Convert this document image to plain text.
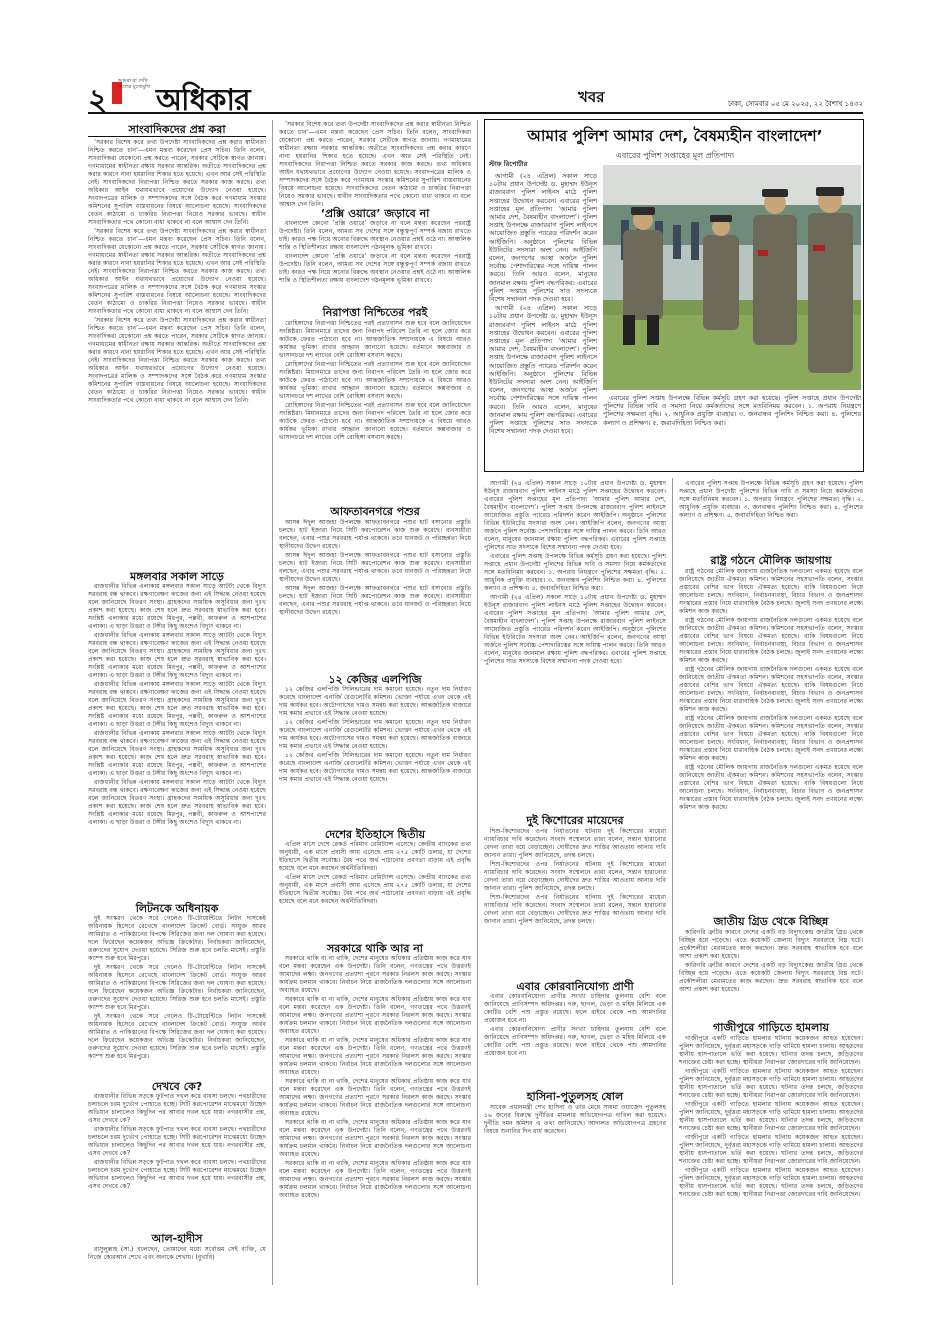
২
আমরা যা দেখি সত্যের মুখোমুখি অধিকার	খবর	ঢাকা, সোমবার ০৫ মে ২০২৫, ২২ বৈশাখ ১৪৩২
সাংবাদিকদের প্রশ্ন করা

‘সরকার বিশেষ করে তথ্য উপদেষ্টা সাংবাদিকদের প্রশ্ন করার স্বাধীনতা নিশ্চিত করতে চান’—এমন মন্তব্য করেছেন প্রেস সচিব। তিনি বলেন, সাংবাদিকরা যেকোনো প্রশ্ন করতে পারেন, সরকার সেটিকে স্বাগত জানায়। গণমাধ্যমের স্বাধীনতা রক্ষায় সরকার আন্তরিক। অতীতে সাংবাদিকদের প্রশ্ন করার কারণে নানা হয়রানির শিকার হতে হয়েছে। এখন আর সেই পরিস্থিতি নেই। সাংবাদিকদের নিরাপত্তা নিশ্চিত করতে সরকার কাজ করছে। তথ্য অধিকার আইন যথাযথভাবে প্রয়োগের উদ্যোগ নেওয়া হয়েছে। সংবাদপত্রের মালিক ও সম্পাদকদের সঙ্গে বৈঠক করে গণমাধ্যম সংস্কার কমিশনের সুপারিশ বাস্তবায়নের বিষয়ে আলোচনা হয়েছে। সাংবাদিকদের বেতন কাঠামো ও চাকরির নিরাপত্তা নিয়েও সরকার ভাবছে। স্বাধীন সাংবাদিকতার পথে কোনো বাধা থাকবে না বলে আশ্বাস দেন তিনি।

‘সরকার বিশেষ করে তথ্য উপদেষ্টা সাংবাদিকদের প্রশ্ন করার স্বাধীনতা নিশ্চিত করতে চান’—এমন মন্তব্য করেছেন প্রেস সচিব। তিনি বলেন, সাংবাদিকরা যেকোনো প্রশ্ন করতে পারেন, সরকার সেটিকে স্বাগত জানায়। গণমাধ্যমের স্বাধীনতা রক্ষায় সরকার আন্তরিক। অতীতে সাংবাদিকদের প্রশ্ন করার কারণে নানা হয়রানির শিকার হতে হয়েছে। এখন আর সেই পরিস্থিতি নেই। সাংবাদিকদের নিরাপত্তা নিশ্চিত করতে সরকার কাজ করছে। তথ্য অধিকার আইন যথাযথভাবে প্রয়োগের উদ্যোগ নেওয়া হয়েছে। সংবাদপত্রের মালিক ও সম্পাদকদের সঙ্গে বৈঠক করে গণমাধ্যম সংস্কার কমিশনের সুপারিশ বাস্তবায়নের বিষয়ে আলোচনা হয়েছে। সাংবাদিকদের বেতন কাঠামো ও চাকরির নিরাপত্তা নিয়েও সরকার ভাবছে। স্বাধীন সাংবাদিকতার পথে কোনো বাধা থাকবে না বলে আশ্বাস দেন তিনি।

‘সরকার বিশেষ করে তথ্য উপদেষ্টা সাংবাদিকদের প্রশ্ন করার স্বাধীনতা নিশ্চিত করতে চান’—এমন মন্তব্য করেছেন প্রেস সচিব। তিনি বলেন, সাংবাদিকরা যেকোনো প্রশ্ন করতে পারেন, সরকার সেটিকে স্বাগত জানায়। গণমাধ্যমের স্বাধীনতা রক্ষায় সরকার আন্তরিক। অতীতে সাংবাদিকদের প্রশ্ন করার কারণে নানা হয়রানির শিকার হতে হয়েছে। এখন আর সেই পরিস্থিতি নেই। সাংবাদিকদের নিরাপত্তা নিশ্চিত করতে সরকার কাজ করছে। তথ্য অধিকার আইন যথাযথভাবে প্রয়োগের উদ্যোগ নেওয়া হয়েছে। সংবাদপত্রের মালিক ও সম্পাদকদের সঙ্গে বৈঠক করে গণমাধ্যম সংস্কার কমিশনের সুপারিশ বাস্তবায়নের বিষয়ে আলোচনা হয়েছে। সাংবাদিকদের বেতন কাঠামো ও চাকরির নিরাপত্তা নিয়েও সরকার ভাবছে। স্বাধীন সাংবাদিকতার পথে কোনো বাধা থাকবে না বলে আশ্বাস দেন তিনি।

মঙ্গলবার সকাল সাড়ে

রাজধানীর বিভিন্ন এলাকায় মঙ্গলবার সকাল সাড়ে আটটা থেকে বিদ্যুৎ সরবরাহ বন্ধ থাকবে। রক্ষণাবেক্ষণ কাজের জন্য এই সিদ্ধান্ত নেওয়া হয়েছে বলে জানিয়েছে বিতরণ সংস্থা। গ্রাহকদের সাময়িক অসুবিধার জন্য দুঃখ প্রকাশ করা হয়েছে। কাজ শেষ হলে দ্রুত সরবরাহ স্বাভাবিক করা হবে। সংশ্লিষ্ট এলাকার মধ্যে রয়েছে মিরপুর, পল্লবী, কাফরুল ও আশপাশের এলাকা। এ ছাড়া উত্তরা ও টঙ্গীর কিছু অংশেও বিদ্যুৎ থাকবে না।

রাজধানীর বিভিন্ন এলাকায় মঙ্গলবার সকাল সাড়ে আটটা থেকে বিদ্যুৎ সরবরাহ বন্ধ থাকবে। রক্ষণাবেক্ষণ কাজের জন্য এই সিদ্ধান্ত নেওয়া হয়েছে বলে জানিয়েছে বিতরণ সংস্থা। গ্রাহকদের সাময়িক অসুবিধার জন্য দুঃখ প্রকাশ করা হয়েছে। কাজ শেষ হলে দ্রুত সরবরাহ স্বাভাবিক করা হবে। সংশ্লিষ্ট এলাকার মধ্যে রয়েছে মিরপুর, পল্লবী, কাফরুল ও আশপাশের এলাকা। এ ছাড়া উত্তরা ও টঙ্গীর কিছু অংশেও বিদ্যুৎ থাকবে না।

রাজধানীর বিভিন্ন এলাকায় মঙ্গলবার সকাল সাড়ে আটটা থেকে বিদ্যুৎ সরবরাহ বন্ধ থাকবে। রক্ষণাবেক্ষণ কাজের জন্য এই সিদ্ধান্ত নেওয়া হয়েছে বলে জানিয়েছে বিতরণ সংস্থা। গ্রাহকদের সাময়িক অসুবিধার জন্য দুঃখ প্রকাশ করা হয়েছে। কাজ শেষ হলে দ্রুত সরবরাহ স্বাভাবিক করা হবে। সংশ্লিষ্ট এলাকার মধ্যে রয়েছে মিরপুর, পল্লবী, কাফরুল ও আশপাশের এলাকা। এ ছাড়া উত্তরা ও টঙ্গীর কিছু অংশেও বিদ্যুৎ থাকবে না।

রাজধানীর বিভিন্ন এলাকায় মঙ্গলবার সকাল সাড়ে আটটা থেকে বিদ্যুৎ সরবরাহ বন্ধ থাকবে। রক্ষণাবেক্ষণ কাজের জন্য এই সিদ্ধান্ত নেওয়া হয়েছে বলে জানিয়েছে বিতরণ সংস্থা। গ্রাহকদের সাময়িক অসুবিধার জন্য দুঃখ প্রকাশ করা হয়েছে। কাজ শেষ হলে দ্রুত সরবরাহ স্বাভাবিক করা হবে। সংশ্লিষ্ট এলাকার মধ্যে রয়েছে মিরপুর, পল্লবী, কাফরুল ও আশপাশের এলাকা। এ ছাড়া উত্তরা ও টঙ্গীর কিছু অংশেও বিদ্যুৎ থাকবে না।

রাজধানীর বিভিন্ন এলাকায় মঙ্গলবার সকাল সাড়ে আটটা থেকে বিদ্যুৎ সরবরাহ বন্ধ থাকবে। রক্ষণাবেক্ষণ কাজের জন্য এই সিদ্ধান্ত নেওয়া হয়েছে বলে জানিয়েছে বিতরণ সংস্থা। গ্রাহকদের সাময়িক অসুবিধার জন্য দুঃখ প্রকাশ করা হয়েছে। কাজ শেষ হলে দ্রুত সরবরাহ স্বাভাবিক করা হবে। সংশ্লিষ্ট এলাকার মধ্যে রয়েছে মিরপুর, পল্লবী, কাফরুল ও আশপাশের এলাকা। এ ছাড়া উত্তরা ও টঙ্গীর কিছু অংশেও বিদ্যুৎ থাকবে না।

লিটনকে অধিনায়ক

দুই সংস্করণ থেকে সরে গেলেও টি-টোয়েন্টিতে লিটন দাসকেই অধিনায়ক হিসেবে রেখেছে বাংলাদেশ ক্রিকেট বোর্ড। সংযুক্ত আরব আমিরাত ও পাকিস্তানের বিপক্ষে সিরিজের জন্য দল ঘোষণা করা হয়েছে। দলে ফিরেছেন কয়েকজন অভিজ্ঞ ক্রিকেটার। নির্বাচকরা জানিয়েছেন, তরুণদের সুযোগ দেওয়া হয়েছে। সিরিজ শুরু হবে চলতি মাসেই। প্রস্তুতি ক্যাম্প শুরু হবে মিরপুরে।

দুই সংস্করণ থেকে সরে গেলেও টি-টোয়েন্টিতে লিটন দাসকেই অধিনায়ক হিসেবে রেখেছে বাংলাদেশ ক্রিকেট বোর্ড। সংযুক্ত আরব আমিরাত ও পাকিস্তানের বিপক্ষে সিরিজের জন্য দল ঘোষণা করা হয়েছে। দলে ফিরেছেন কয়েকজন অভিজ্ঞ ক্রিকেটার। নির্বাচকরা জানিয়েছেন, তরুণদের সুযোগ দেওয়া হয়েছে। সিরিজ শুরু হবে চলতি মাসেই। প্রস্তুতি ক্যাম্প শুরু হবে মিরপুরে।

দুই সংস্করণ থেকে সরে গেলেও টি-টোয়েন্টিতে লিটন দাসকেই অধিনায়ক হিসেবে রেখেছে বাংলাদেশ ক্রিকেট বোর্ড। সংযুক্ত আরব আমিরাত ও পাকিস্তানের বিপক্ষে সিরিজের জন্য দল ঘোষণা করা হয়েছে। দলে ফিরেছেন কয়েকজন অভিজ্ঞ ক্রিকেটার। নির্বাচকরা জানিয়েছেন, তরুণদের সুযোগ দেওয়া হয়েছে। সিরিজ শুরু হবে চলতি মাসেই। প্রস্তুতি ক্যাম্প শুরু হবে মিরপুরে।

দেখবে কে?

রাজধানীর বিভিন্ন সড়কে ফুটপাত দখল করে ব্যবসা চলছে। পথচারীদের চলাচলে চরম দুর্ভোগ পোহাতে হচ্ছে। সিটি করপোরেশন মাঝেমধ্যে উচ্ছেদ অভিযান চালালেও কিছুদিন পর আবার দখল হয়ে যায়। নগরবাসীর প্রশ্ন, এসব দেখবে কে?

রাজধানীর বিভিন্ন সড়কে ফুটপাত দখল করে ব্যবসা চলছে। পথচারীদের চলাচলে চরম দুর্ভোগ পোহাতে হচ্ছে। সিটি করপোরেশন মাঝেমধ্যে উচ্ছেদ অভিযান চালালেও কিছুদিন পর আবার দখল হয়ে যায়। নগরবাসীর প্রশ্ন, এসব দেখবে কে?

রাজধানীর বিভিন্ন সড়কে ফুটপাত দখল করে ব্যবসা চলছে। পথচারীদের চলাচলে চরম দুর্ভোগ পোহাতে হচ্ছে। সিটি করপোরেশন মাঝেমধ্যে উচ্ছেদ অভিযান চালালেও কিছুদিন পর আবার দখল হয়ে যায়। নগরবাসীর প্রশ্ন, এসব দেখবে কে?

আল-হাদীস

রাসুলুল্লাহ (সা.) বলেছেন, তোমাদের মধ্যে সর্বোত্তম সেই ব্যক্তি, যে নিজে কোরআন শেখে এবং অন্যকে শেখায়। (বুখারি)

‘সরকার বিশেষ করে তথ্য উপদেষ্টা সাংবাদিকদের প্রশ্ন করার স্বাধীনতা নিশ্চিত করতে চান’—এমন মন্তব্য করেছেন প্রেস সচিব। তিনি বলেন, সাংবাদিকরা যেকোনো প্রশ্ন করতে পারেন, সরকার সেটিকে স্বাগত জানায়। গণমাধ্যমের স্বাধীনতা রক্ষায় সরকার আন্তরিক। অতীতে সাংবাদিকদের প্রশ্ন করার কারণে নানা হয়রানির শিকার হতে হয়েছে। এখন আর সেই পরিস্থিতি নেই। সাংবাদিকদের নিরাপত্তা নিশ্চিত করতে সরকার কাজ করছে। তথ্য অধিকার আইন যথাযথভাবে প্রয়োগের উদ্যোগ নেওয়া হয়েছে। সংবাদপত্রের মালিক ও সম্পাদকদের সঙ্গে বৈঠক করে গণমাধ্যম সংস্কার কমিশনের সুপারিশ বাস্তবায়নের বিষয়ে আলোচনা হয়েছে। সাংবাদিকদের বেতন কাঠামো ও চাকরির নিরাপত্তা নিয়েও সরকার ভাবছে। স্বাধীন সাংবাদিকতার পথে কোনো বাধা থাকবে না বলে আশ্বাস দেন তিনি।

‘প্রক্সি ওয়ারে’ জড়াবে না

বাংলাদেশ কোনো ‘প্রক্সি ওয়ারে’ জড়াবে না বলে মন্তব্য করেছেন পররাষ্ট্র উপদেষ্টা। তিনি বলেন, আমরা সব দেশের সঙ্গে বন্ধুত্বপূর্ণ সম্পর্ক বজায় রাখতে চাই। কারও পক্ষ নিয়ে অন্যের বিরুদ্ধে অবস্থান নেওয়ার প্রশ্নই ওঠে না। আঞ্চলিক শান্তি ও স্থিতিশীলতা রক্ষায় বাংলাদেশ গঠনমূলক ভূমিকা রাখবে।

বাংলাদেশ কোনো ‘প্রক্সি ওয়ারে’ জড়াবে না বলে মন্তব্য করেছেন পররাষ্ট্র উপদেষ্টা। তিনি বলেন, আমরা সব দেশের সঙ্গে বন্ধুত্বপূর্ণ সম্পর্ক বজায় রাখতে চাই। কারও পক্ষ নিয়ে অন্যের বিরুদ্ধে অবস্থান নেওয়ার প্রশ্নই ওঠে না। আঞ্চলিক শান্তি ও স্থিতিশীলতা রক্ষায় বাংলাদেশ গঠনমূলক ভূমিকা রাখবে।

নিরাপত্তা নিশ্চিতের পরই

রোহিঙ্গাদের নিরাপত্তা নিশ্চিতের পরই প্রত্যাবাসন শুরু হবে বলে জানিয়েছেন সংশ্লিষ্টরা। মিয়ানমারে তাদের জন্য নিরাপদ পরিবেশ তৈরি না হলে জোর করে কাউকে ফেরত পাঠানো হবে না। আন্তর্জাতিক সম্প্রদায়কে এ বিষয়ে আরও কার্যকর ভূমিকা রাখার আহ্বান জানানো হয়েছে। বর্তমানে কক্সবাজার ও ভাসানচরে দশ লাখের বেশি রোহিঙ্গা বসবাস করছে।

রোহিঙ্গাদের নিরাপত্তা নিশ্চিতের পরই প্রত্যাবাসন শুরু হবে বলে জানিয়েছেন সংশ্লিষ্টরা। মিয়ানমারে তাদের জন্য নিরাপদ পরিবেশ তৈরি না হলে জোর করে কাউকে ফেরত পাঠানো হবে না। আন্তর্জাতিক সম্প্রদায়কে এ বিষয়ে আরও কার্যকর ভূমিকা রাখার আহ্বান জানানো হয়েছে। বর্তমানে কক্সবাজার ও ভাসানচরে দশ লাখের বেশি রোহিঙ্গা বসবাস করছে।

রোহিঙ্গাদের নিরাপত্তা নিশ্চিতের পরই প্রত্যাবাসন শুরু হবে বলে জানিয়েছেন সংশ্লিষ্টরা। মিয়ানমারে তাদের জন্য নিরাপদ পরিবেশ তৈরি না হলে জোর করে কাউকে ফেরত পাঠানো হবে না। আন্তর্জাতিক সম্প্রদায়কে এ বিষয়ে আরও কার্যকর ভূমিকা রাখার আহ্বান জানানো হয়েছে। বর্তমানে কক্সবাজার ও ভাসানচরে দশ লাখের বেশি রোহিঙ্গা বসবাস করছে।

আফতাবনগরে পশুর

আসন্ন ঈদুল আজহা উপলক্ষে আফতাবনগরে পশুর হাট বসানোর প্রস্তুতি চলছে। হাট ইজারা নিয়ে সিটি করপোরেশন কাজ শুরু করেছে। ব্যবসায়ীরা বলছেন, এবার পশুর সরবরাহ পর্যাপ্ত থাকবে। তবে যানজট ও পরিচ্ছন্নতা নিয়ে স্থানীয়দের উদ্বেগ রয়েছে।

আসন্ন ঈদুল আজহা উপলক্ষে আফতাবনগরে পশুর হাট বসানোর প্রস্তুতি চলছে। হাট ইজারা নিয়ে সিটি করপোরেশন কাজ শুরু করেছে। ব্যবসায়ীরা বলছেন, এবার পশুর সরবরাহ পর্যাপ্ত থাকবে। তবে যানজট ও পরিচ্ছন্নতা নিয়ে স্থানীয়দের উদ্বেগ রয়েছে।

আসন্ন ঈদুল আজহা উপলক্ষে আফতাবনগরে পশুর হাট বসানোর প্রস্তুতি চলছে। হাট ইজারা নিয়ে সিটি করপোরেশন কাজ শুরু করেছে। ব্যবসায়ীরা বলছেন, এবার পশুর সরবরাহ পর্যাপ্ত থাকবে। তবে যানজট ও পরিচ্ছন্নতা নিয়ে স্থানীয়দের উদ্বেগ রয়েছে।

১২ কেজির এলপিজি

১২ কেজির এলপিজি সিলিন্ডারের দাম কমানো হয়েছে। নতুন দাম নির্ধারণ করেছে বাংলাদেশ এনার্জি রেগুলেটরি কমিশন। ভোক্তা পর্যায়ে এখন থেকে এই দাম কার্যকর হবে। অটোগ্যাসের দামও সমন্বয় করা হয়েছে। আন্তর্জাতিক বাজারে দাম কমার প্রভাবে এই সিদ্ধান্ত নেওয়া হয়েছে।

১২ কেজির এলপিজি সিলিন্ডারের দাম কমানো হয়েছে। নতুন দাম নির্ধারণ করেছে বাংলাদেশ এনার্জি রেগুলেটরি কমিশন। ভোক্তা পর্যায়ে এখন থেকে এই দাম কার্যকর হবে। অটোগ্যাসের দামও সমন্বয় করা হয়েছে। আন্তর্জাতিক বাজারে দাম কমার প্রভাবে এই সিদ্ধান্ত নেওয়া হয়েছে।

১২ কেজির এলপিজি সিলিন্ডারের দাম কমানো হয়েছে। নতুন দাম নির্ধারণ করেছে বাংলাদেশ এনার্জি রেগুলেটরি কমিশন। ভোক্তা পর্যায়ে এখন থেকে এই দাম কার্যকর হবে। অটোগ্যাসের দামও সমন্বয় করা হয়েছে। আন্তর্জাতিক বাজারে দাম কমার প্রভাবে এই সিদ্ধান্ত নেওয়া হয়েছে।

দেশের ইতিহাসে দ্বিতীয়

এপ্রিল মাসে দেশে রেকর্ড পরিমাণ রেমিট্যান্স এসেছে। কেন্দ্রীয় ব্যাংকের তথ্য অনুযায়ী, এক মাসে প্রবাসী আয় এসেছে প্রায় ২৭৫ কোটি ডলার, যা দেশের ইতিহাসে দ্বিতীয় সর্বোচ্চ। বৈধ পথে অর্থ পাঠানোর প্রবণতা বাড়ায় এই প্রবৃদ্ধি হয়েছে বলে মনে করছেন অর্থনীতিবিদরা।

এপ্রিল মাসে দেশে রেকর্ড পরিমাণ রেমিট্যান্স এসেছে। কেন্দ্রীয় ব্যাংকের তথ্য অনুযায়ী, এক মাসে প্রবাসী আয় এসেছে প্রায় ২৭৫ কোটি ডলার, যা দেশের ইতিহাসে দ্বিতীয় সর্বোচ্চ। বৈধ পথে অর্থ পাঠানোর প্রবণতা বাড়ায় এই প্রবৃদ্ধি হয়েছে বলে মনে করছেন অর্থনীতিবিদরা।

সরকারে থাকি আর না

সরকারে থাকি বা না থাকি, দেশের মানুষের অধিকার প্রতিষ্ঠায় কাজ করে যাব বলে মন্তব্য করেছেন এক উপদেষ্টা। তিনি বলেন, গণতন্ত্রের পথে উত্তরণই আমাদের লক্ষ্য। জনগণের প্রত্যাশা পূরণে সরকার নিরলস কাজ করছে। সংস্কার কার্যক্রম চলমান থাকবে। নির্বাচন নিয়ে রাজনৈতিক দলগুলোর সঙ্গে আলোচনা অব্যাহত রয়েছে।

সরকারে থাকি বা না থাকি, দেশের মানুষের অধিকার প্রতিষ্ঠায় কাজ করে যাব বলে মন্তব্য করেছেন এক উপদেষ্টা। তিনি বলেন, গণতন্ত্রের পথে উত্তরণই আমাদের লক্ষ্য। জনগণের প্রত্যাশা পূরণে সরকার নিরলস কাজ করছে। সংস্কার কার্যক্রম চলমান থাকবে। নির্বাচন নিয়ে রাজনৈতিক দলগুলোর সঙ্গে আলোচনা অব্যাহত রয়েছে।

সরকারে থাকি বা না থাকি, দেশের মানুষের অধিকার প্রতিষ্ঠায় কাজ করে যাব বলে মন্তব্য করেছেন এক উপদেষ্টা। তিনি বলেন, গণতন্ত্রের পথে উত্তরণই আমাদের লক্ষ্য। জনগণের প্রত্যাশা পূরণে সরকার নিরলস কাজ করছে। সংস্কার কার্যক্রম চলমান থাকবে। নির্বাচন নিয়ে রাজনৈতিক দলগুলোর সঙ্গে আলোচনা অব্যাহত রয়েছে।

সরকারে থাকি বা না থাকি, দেশের মানুষের অধিকার প্রতিষ্ঠায় কাজ করে যাব বলে মন্তব্য করেছেন এক উপদেষ্টা। তিনি বলেন, গণতন্ত্রের পথে উত্তরণই আমাদের লক্ষ্য। জনগণের প্রত্যাশা পূরণে সরকার নিরলস কাজ করছে। সংস্কার কার্যক্রম চলমান থাকবে। নির্বাচন নিয়ে রাজনৈতিক দলগুলোর সঙ্গে আলোচনা অব্যাহত রয়েছে।

সরকারে থাকি বা না থাকি, দেশের মানুষের অধিকার প্রতিষ্ঠায় কাজ করে যাব বলে মন্তব্য করেছেন এক উপদেষ্টা। তিনি বলেন, গণতন্ত্রের পথে উত্তরণই আমাদের লক্ষ্য। জনগণের প্রত্যাশা পূরণে সরকার নিরলস কাজ করছে। সংস্কার কার্যক্রম চলমান থাকবে। নির্বাচন নিয়ে রাজনৈতিক দলগুলোর সঙ্গে আলোচনা অব্যাহত রয়েছে।

সরকারে থাকি বা না থাকি, দেশের মানুষের অধিকার প্রতিষ্ঠায় কাজ করে যাব বলে মন্তব্য করেছেন এক উপদেষ্টা। তিনি বলেন, গণতন্ত্রের পথে উত্তরণই আমাদের লক্ষ্য। জনগণের প্রত্যাশা পূরণে সরকার নিরলস কাজ করছে। সংস্কার কার্যক্রম চলমান থাকবে। নির্বাচন নিয়ে রাজনৈতিক দলগুলোর সঙ্গে আলোচনা অব্যাহত রয়েছে।

আমার পুলিশ আমার দেশ, বৈষম্যহীন বাংলাদেশ’
এবারের পুলিশ সপ্তাহের মূল প্রতিপাদ্য
স্টাফ রিপোর্টার

আগামী (২৪ এপ্রিল) সকাল সাড়ে ১০টায় প্রধান উপদেষ্টা ড. মুহাম্মদ ইউনূস রাজারবাগ পুলিশ লাইনস মাঠে পুলিশ সপ্তাহের উদ্বোধন করবেন। এবারের পুলিশ সপ্তাহের মূল প্রতিপাদ্য ‘আমার পুলিশ আমার দেশ, বৈষম্যহীন বাংলাদেশ’। পুলিশ সপ্তাহ উপলক্ষে রাজারবাগ পুলিশ লাইনসে আয়োজিত প্রস্তুতি প্যারেড পরিদর্শন করেন আইজিপি। অনুষ্ঠানে পুলিশের বিভিন্ন ইউনিটের সদস্যরা অংশ নেন। আইজিপি বলেন, জনগণের আস্থা অর্জনে পুলিশ সর্বোচ্চ পেশাদারিত্বের সঙ্গে দায়িত্ব পালন করবে। তিনি আরও বলেন, মানুষের জানমাল রক্ষায় পুলিশ বদ্ধপরিকর। এবারের পুলিশ সপ্তাহে পুলিশের সাত সদস্যকে বিশেষ সম্মাননা পদক দেওয়া হবে।

আগামী (২৪ এপ্রিল) সকাল সাড়ে ১০টায় প্রধান উপদেষ্টা ড. মুহাম্মদ ইউনূস রাজারবাগ পুলিশ লাইনস মাঠে পুলিশ সপ্তাহের উদ্বোধন করবেন। এবারের পুলিশ সপ্তাহের মূল প্রতিপাদ্য ‘আমার পুলিশ আমার দেশ, বৈষম্যহীন বাংলাদেশ’। পুলিশ সপ্তাহ উপলক্ষে রাজারবাগ পুলিশ লাইনসে আয়োজিত প্রস্তুতি প্যারেড পরিদর্শন করেন আইজিপি। অনুষ্ঠানে পুলিশের বিভিন্ন ইউনিটের সদস্যরা অংশ নেন। আইজিপি বলেন, জনগণের আস্থা অর্জনে পুলিশ সর্বোচ্চ পেশাদারিত্বের সঙ্গে দায়িত্ব পালন করবে। তিনি আরও বলেন, মানুষের জানমাল রক্ষায় পুলিশ বদ্ধপরিকর। এবারের পুলিশ সপ্তাহে পুলিশের সাত সদস্যকে বিশেষ সম্মাননা পদক দেওয়া হবে।

এবারের পুলিশ সপ্তাহ উপলক্ষে বিভিন্ন কর্মসূচি গ্রহণ করা হয়েছে। পুলিশ সপ্তাহে প্রধান উপদেষ্টা পুলিশের বিভিন্ন দাবি ও সমস্যা নিয়ে কর্মকর্তাদের সঙ্গে মতবিনিময় করবেন। ১. অপরাধ নিয়ন্ত্রণে পুলিশের সক্ষমতা বৃদ্ধি। ২. আধুনিক প্রযুক্তি ব্যবহার। ৩. জনবান্ধব পুলিশিং নিশ্চিত করা। ৪. পুলিশের কল্যাণ ও প্রশিক্ষণ। ৫. জবাবদিহিতা নিশ্চিত করা।

আগামী (২৪ এপ্রিল) সকাল সাড়ে ১০টায় প্রধান উপদেষ্টা ড. মুহাম্মদ ইউনূস রাজারবাগ পুলিশ লাইনস মাঠে পুলিশ সপ্তাহের উদ্বোধন করবেন। এবারের পুলিশ সপ্তাহের মূল প্রতিপাদ্য ‘আমার পুলিশ আমার দেশ, বৈষম্যহীন বাংলাদেশ’। পুলিশ সপ্তাহ উপলক্ষে রাজারবাগ পুলিশ লাইনসে আয়োজিত প্রস্তুতি প্যারেড পরিদর্শন করেন আইজিপি। অনুষ্ঠানে পুলিশের বিভিন্ন ইউনিটের সদস্যরা অংশ নেন। আইজিপি বলেন, জনগণের আস্থা অর্জনে পুলিশ সর্বোচ্চ পেশাদারিত্বের সঙ্গে দায়িত্ব পালন করবে। তিনি আরও বলেন, মানুষের জানমাল রক্ষায় পুলিশ বদ্ধপরিকর। এবারের পুলিশ সপ্তাহে পুলিশের সাত সদস্যকে বিশেষ সম্মাননা পদক দেওয়া হবে।

এবারের পুলিশ সপ্তাহ উপলক্ষে বিভিন্ন কর্মসূচি গ্রহণ করা হয়েছে। পুলিশ সপ্তাহে প্রধান উপদেষ্টা পুলিশের বিভিন্ন দাবি ও সমস্যা নিয়ে কর্মকর্তাদের সঙ্গে মতবিনিময় করবেন। ১. অপরাধ নিয়ন্ত্রণে পুলিশের সক্ষমতা বৃদ্ধি। ২. আধুনিক প্রযুক্তি ব্যবহার। ৩. জনবান্ধব পুলিশিং নিশ্চিত করা। ৪. পুলিশের কল্যাণ ও প্রশিক্ষণ। ৫. জবাবদিহিতা নিশ্চিত করা।

আগামী (২৪ এপ্রিল) সকাল সাড়ে ১০টায় প্রধান উপদেষ্টা ড. মুহাম্মদ ইউনূস রাজারবাগ পুলিশ লাইনস মাঠে পুলিশ সপ্তাহের উদ্বোধন করবেন। এবারের পুলিশ সপ্তাহের মূল প্রতিপাদ্য ‘আমার পুলিশ আমার দেশ, বৈষম্যহীন বাংলাদেশ’। পুলিশ সপ্তাহ উপলক্ষে রাজারবাগ পুলিশ লাইনসে আয়োজিত প্রস্তুতি প্যারেড পরিদর্শন করেন আইজিপি। অনুষ্ঠানে পুলিশের বিভিন্ন ইউনিটের সদস্যরা অংশ নেন। আইজিপি বলেন, জনগণের আস্থা অর্জনে পুলিশ সর্বোচ্চ পেশাদারিত্বের সঙ্গে দায়িত্ব পালন করবে। তিনি আরও বলেন, মানুষের জানমাল রক্ষায় পুলিশ বদ্ধপরিকর। এবারের পুলিশ সপ্তাহে পুলিশের সাত সদস্যকে বিশেষ সম্মাননা পদক দেওয়া হবে।

দুই কিশোরের মায়েদের

শিশু-কিশোরদের ওপর নির্যাতনের ঘটনায় দুই কিশোরের মায়েরা ন্যায়বিচার দাবি করেছেন। সংবাদ সম্মেলনে তারা বলেন, সন্তান হারানোর বেদনা তারা বয়ে বেড়াচ্ছেন। দোষীদের দ্রুত শাস্তির আওতায় আনার দাবি জানান তারা। পুলিশ জানিয়েছে, তদন্ত চলছে।

শিশু-কিশোরদের ওপর নির্যাতনের ঘটনায় দুই কিশোরের মায়েরা ন্যায়বিচার দাবি করেছেন। সংবাদ সম্মেলনে তারা বলেন, সন্তান হারানোর বেদনা তারা বয়ে বেড়াচ্ছেন। দোষীদের দ্রুত শাস্তির আওতায় আনার দাবি জানান তারা। পুলিশ জানিয়েছে, তদন্ত চলছে।

শিশু-কিশোরদের ওপর নির্যাতনের ঘটনায় দুই কিশোরের মায়েরা ন্যায়বিচার দাবি করেছেন। সংবাদ সম্মেলনে তারা বলেন, সন্তান হারানোর বেদনা তারা বয়ে বেড়াচ্ছেন। দোষীদের দ্রুত শাস্তির আওতায় আনার দাবি জানান তারা। পুলিশ জানিয়েছে, তদন্ত চলছে।

এবার কোরবানিযোগ্য প্রাণী

এবার কোরবানিযোগ্য প্রাণীর সংখ্যা চাহিদার তুলনায় বেশি বলে জানিয়েছে প্রাণিসম্পদ অধিদপ্তর। গরু, ছাগল, ভেড়া ও মহিষ মিলিয়ে এক কোটির বেশি পশু প্রস্তুত রয়েছে। ফলে বাইরে থেকে পশু আমদানির প্রয়োজন হবে না।

এবার কোরবানিযোগ্য প্রাণীর সংখ্যা চাহিদার তুলনায় বেশি বলে জানিয়েছে প্রাণিসম্পদ অধিদপ্তর। গরু, ছাগল, ভেড়া ও মহিষ মিলিয়ে এক কোটির বেশি পশু প্রস্তুত রয়েছে। ফলে বাইরে থেকে পশু আমদানির প্রয়োজন হবে না।

হাসিনা-পুতুলসহ ষোল

সাবেক প্রধানমন্ত্রী শেখ হাসিনা ও তার মেয়ে সায়মা ওয়াজেদ পুতুলসহ ১৬ জনের বিরুদ্ধে দুর্নীতির মামলার অভিযোগপত্র দাখিল করা হয়েছে। দুর্নীতি দমন কমিশন এ তথ্য জানিয়েছে। আদালত অভিযোগপত্র গ্রহণের বিষয়ে শুনানির দিন ধার্য করেছেন।

এবারের পুলিশ সপ্তাহ উপলক্ষে বিভিন্ন কর্মসূচি গ্রহণ করা হয়েছে। পুলিশ সপ্তাহে প্রধান উপদেষ্টা পুলিশের বিভিন্ন দাবি ও সমস্যা নিয়ে কর্মকর্তাদের সঙ্গে মতবিনিময় করবেন। ১. অপরাধ নিয়ন্ত্রণে পুলিশের সক্ষমতা বৃদ্ধি। ২. আধুনিক প্রযুক্তি ব্যবহার। ৩. জনবান্ধব পুলিশিং নিশ্চিত করা। ৪. পুলিশের কল্যাণ ও প্রশিক্ষণ। ৫. জবাবদিহিতা নিশ্চিত করা।

রাষ্ট্র গঠনে মৌলিক জায়গায়

রাষ্ট্র গঠনের মৌলিক জায়গায় রাজনৈতিক দলগুলো একমত হয়েছে বলে জানিয়েছে জাতীয় ঐকমত্য কমিশন। কমিশনের সহসভাপতি বলেন, সংস্কার প্রস্তাবের বেশির ভাগ বিষয়ে ঐকমত্য হয়েছে। বাকি বিষয়গুলো নিয়ে আলোচনা চলছে। সংবিধান, নির্বাচনব্যবস্থা, বিচার বিভাগ ও জনপ্রশাসন সংস্কারের প্রস্তাব নিয়ে ধারাবাহিক বৈঠক চলছে। জুলাই সনদ প্রণয়নের লক্ষ্যে কমিশন কাজ করছে।

রাষ্ট্র গঠনের মৌলিক জায়গায় রাজনৈতিক দলগুলো একমত হয়েছে বলে জানিয়েছে জাতীয় ঐকমত্য কমিশন। কমিশনের সহসভাপতি বলেন, সংস্কার প্রস্তাবের বেশির ভাগ বিষয়ে ঐকমত্য হয়েছে। বাকি বিষয়গুলো নিয়ে আলোচনা চলছে। সংবিধান, নির্বাচনব্যবস্থা, বিচার বিভাগ ও জনপ্রশাসন সংস্কারের প্রস্তাব নিয়ে ধারাবাহিক বৈঠক চলছে। জুলাই সনদ প্রণয়নের লক্ষ্যে কমিশন কাজ করছে।

রাষ্ট্র গঠনের মৌলিক জায়গায় রাজনৈতিক দলগুলো একমত হয়েছে বলে জানিয়েছে জাতীয় ঐকমত্য কমিশন। কমিশনের সহসভাপতি বলেন, সংস্কার প্রস্তাবের বেশির ভাগ বিষয়ে ঐকমত্য হয়েছে। বাকি বিষয়গুলো নিয়ে আলোচনা চলছে। সংবিধান, নির্বাচনব্যবস্থা, বিচার বিভাগ ও জনপ্রশাসন সংস্কারের প্রস্তাব নিয়ে ধারাবাহিক বৈঠক চলছে। জুলাই সনদ প্রণয়নের লক্ষ্যে কমিশন কাজ করছে।

রাষ্ট্র গঠনের মৌলিক জায়গায় রাজনৈতিক দলগুলো একমত হয়েছে বলে জানিয়েছে জাতীয় ঐকমত্য কমিশন। কমিশনের সহসভাপতি বলেন, সংস্কার প্রস্তাবের বেশির ভাগ বিষয়ে ঐকমত্য হয়েছে। বাকি বিষয়গুলো নিয়ে আলোচনা চলছে। সংবিধান, নির্বাচনব্যবস্থা, বিচার বিভাগ ও জনপ্রশাসন সংস্কারের প্রস্তাব নিয়ে ধারাবাহিক বৈঠক চলছে। জুলাই সনদ প্রণয়নের লক্ষ্যে কমিশন কাজ করছে।

রাষ্ট্র গঠনের মৌলিক জায়গায় রাজনৈতিক দলগুলো একমত হয়েছে বলে জানিয়েছে জাতীয় ঐকমত্য কমিশন। কমিশনের সহসভাপতি বলেন, সংস্কার প্রস্তাবের বেশির ভাগ বিষয়ে ঐকমত্য হয়েছে। বাকি বিষয়গুলো নিয়ে আলোচনা চলছে। সংবিধান, নির্বাচনব্যবস্থা, বিচার বিভাগ ও জনপ্রশাসন সংস্কারের প্রস্তাব নিয়ে ধারাবাহিক বৈঠক চলছে। জুলাই সনদ প্রণয়নের লক্ষ্যে কমিশন কাজ করছে।

জাতীয় গ্রিড থেকে বিচ্ছিন্ন

কারিগরি ত্রুটির কারণে দেশের একটি বড় বিদ্যুৎকেন্দ্র জাতীয় গ্রিড থেকে বিচ্ছিন্ন হয়ে পড়েছে। এতে কয়েকটি জেলায় বিদ্যুৎ সরবরাহে বিঘ্ন ঘটে। প্রকৌশলীরা মেরামতের কাজ করছেন। দ্রুত সরবরাহ স্বাভাবিক হবে বলে আশা প্রকাশ করা হয়েছে।

কারিগরি ত্রুটির কারণে দেশের একটি বড় বিদ্যুৎকেন্দ্র জাতীয় গ্রিড থেকে বিচ্ছিন্ন হয়ে পড়েছে। এতে কয়েকটি জেলায় বিদ্যুৎ সরবরাহে বিঘ্ন ঘটে। প্রকৌশলীরা মেরামতের কাজ করছেন। দ্রুত সরবরাহ স্বাভাবিক হবে বলে আশা প্রকাশ করা হয়েছে।

গাজীপুরে গাড়িতে হামলায়

গাজীপুরে একটি গাড়িতে হামলার ঘটনায় কয়েকজন আহত হয়েছেন। পুলিশ জানিয়েছে, দুর্বৃত্তরা মহাসড়কে গাড়ি থামিয়ে হামলা চালায়। আহতদের স্থানীয় হাসপাতালে ভর্তি করা হয়েছে। ঘটনার তদন্ত চলছে, জড়িতদের শনাক্তের চেষ্টা করা হচ্ছে। স্থানীয়রা নিরাপত্তা জোরদারের দাবি জানিয়েছেন।

গাজীপুরে একটি গাড়িতে হামলার ঘটনায় কয়েকজন আহত হয়েছেন। পুলিশ জানিয়েছে, দুর্বৃত্তরা মহাসড়কে গাড়ি থামিয়ে হামলা চালায়। আহতদের স্থানীয় হাসপাতালে ভর্তি করা হয়েছে। ঘটনার তদন্ত চলছে, জড়িতদের শনাক্তের চেষ্টা করা হচ্ছে। স্থানীয়রা নিরাপত্তা জোরদারের দাবি জানিয়েছেন।

গাজীপুরে একটি গাড়িতে হামলার ঘটনায় কয়েকজন আহত হয়েছেন। পুলিশ জানিয়েছে, দুর্বৃত্তরা মহাসড়কে গাড়ি থামিয়ে হামলা চালায়। আহতদের স্থানীয় হাসপাতালে ভর্তি করা হয়েছে। ঘটনার তদন্ত চলছে, জড়িতদের শনাক্তের চেষ্টা করা হচ্ছে। স্থানীয়রা নিরাপত্তা জোরদারের দাবি জানিয়েছেন।

গাজীপুরে একটি গাড়িতে হামলার ঘটনায় কয়েকজন আহত হয়েছেন। পুলিশ জানিয়েছে, দুর্বৃত্তরা মহাসড়কে গাড়ি থামিয়ে হামলা চালায়। আহতদের স্থানীয় হাসপাতালে ভর্তি করা হয়েছে। ঘটনার তদন্ত চলছে, জড়িতদের শনাক্তের চেষ্টা করা হচ্ছে। স্থানীয়রা নিরাপত্তা জোরদারের দাবি জানিয়েছেন।

গাজীপুরে একটি গাড়িতে হামলার ঘটনায় কয়েকজন আহত হয়েছেন। পুলিশ জানিয়েছে, দুর্বৃত্তরা মহাসড়কে গাড়ি থামিয়ে হামলা চালায়। আহতদের স্থানীয় হাসপাতালে ভর্তি করা হয়েছে। ঘটনার তদন্ত চলছে, জড়িতদের শনাক্তের চেষ্টা করা হচ্ছে। স্থানীয়রা নিরাপত্তা জোরদারের দাবি জানিয়েছেন।
